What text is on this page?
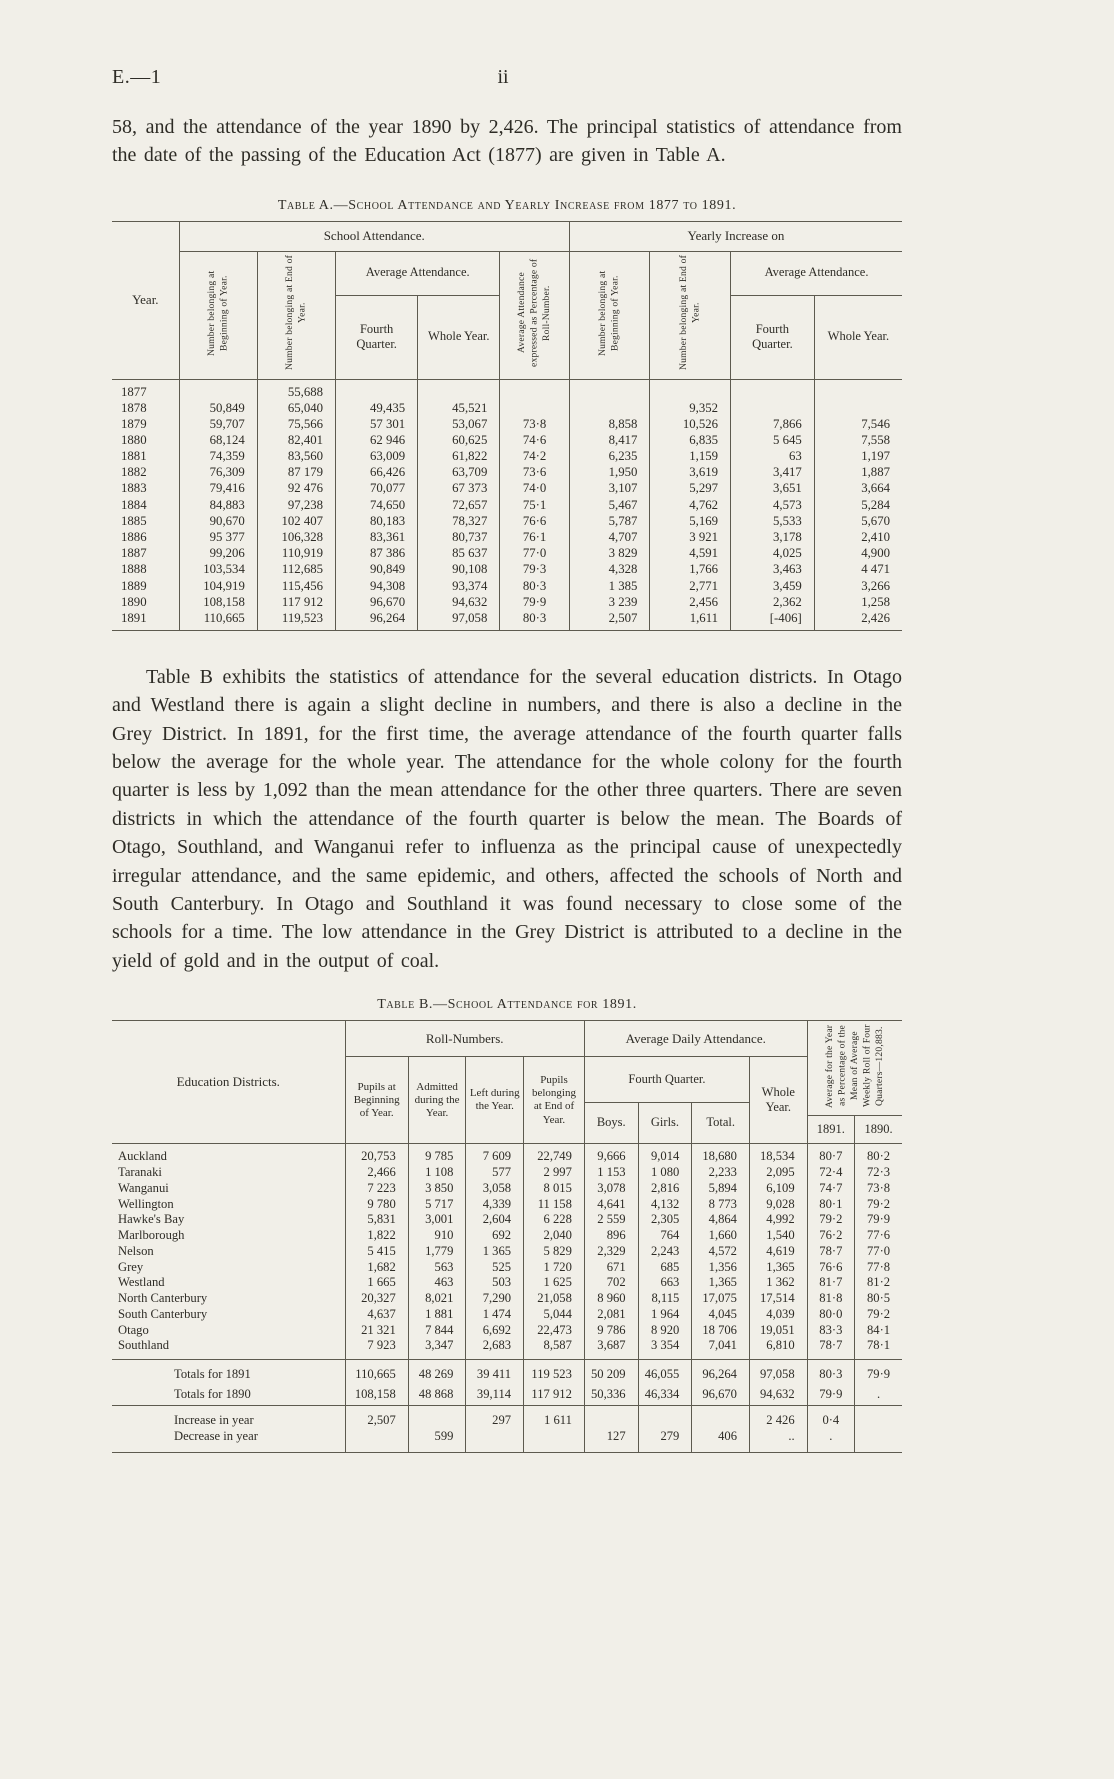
E.—1	ii

58, and the attendance of the year 1890 by 2,426. The principal statistics of attendance from the date of the passing of the Education Act (1877) are given in Table A.

Table A.—School Attendance and Yearly Increase from 1877 to 1891.
Year.	School Attendance.					Yearly Increase on			
	Number belonging at Beginning of Year.	Number belonging at End of Year.	Average Attendance.		Average Attendance expressed as Percentage of Roll-Number.	Number belonging at Beginning of Year.	Number belonging at End of Year.	Average Attendance.	
			Fourth Quarter.	Whole Year.				Fourth Quarter.	Whole Year.
1877		55,688							
1878	50,849	65,040	49,435	45,521			9,352		
1879	59,707	75,566	57 301	53,067	73·8	8,858	10,526	7,866	7,546
1880	68,124	82,401	62 946	60,625	74·6	8,417	6,835	5 645	7,558
1881	74,359	83,560	63,009	61,822	74·2	6,235	1,159	63	1,197
1882	76,309	87 179	66,426	63,709	73·6	1,950	3,619	3,417	1,887
1883	79,416	92 476	70,077	67 373	74·0	3,107	5,297	3,651	3,664
1884	84,883	97,238	74,650	72,657	75·1	5,467	4,762	4,573	5,284
1885	90,670	102 407	80,183	78,327	76·6	5,787	5,169	5,533	5,670
1886	95 377	106,328	83,361	80,737	76·1	4,707	3 921	3,178	2,410
1887	99,206	110,919	87 386	85 637	77·0	3 829	4,591	4,025	4,900
1888	103,534	112,685	90,849	90,108	79·3	4,328	1,766	3,463	4 471
1889	104,919	115,456	94,308	93,374	80·3	1 385	2,771	3,459	3,266
1890	108,158	117 912	96,670	94,632	79·9	3 239	2,456	2,362	1,258
1891	110,665	119,523	96,264	97,058	80·3	2,507	1,611	[-406]	2,426

Table B exhibits the statistics of attendance for the several education districts. In Otago and Westland there is again a slight decline in numbers, and there is also a decline in the Grey District. In 1891, for the first time, the average attendance of the fourth quarter falls below the average for the whole year. The attendance for the whole colony for the fourth quarter is less by 1,092 than the mean attendance for the other three quarters. There are seven districts in which the attendance of the fourth quarter is below the mean. The Boards of Otago, Southland, and Wanganui refer to influenza as the principal cause of unexpectedly irregular attendance, and the same epidemic, and others, affected the schools of North and South Canterbury. In Otago and Southland it was found necessary to close some of the schools for a time. The low attendance in the Grey District is attributed to a decline in the yield of gold and in the output of coal.

Table B.—School Attendance for 1891.
Education Districts.	Roll-Numbers.				Average Daily Attendance.				Average for the Year as Percentage of the Mean of Average Weekly Roll of Four Quarters—120,883.	
	Pupils at Beginning of Year.	Admitted during the Year.	Left during the Year.	Pupils belonging at End of Year.	Fourth Quarter.			Whole Year.		
					Boys.	Girls.	Total.			
									1891.	1890.
Auckland	20,753	9 785	7 609	22,749	9,666	9,014	18,680	18,534	80·7	80·2
Taranaki	2,466	1 108	577	2 997	1 153	1 080	2,233	2,095	72·4	72·3
Wanganui	7 223	3 850	3,058	8 015	3,078	2,816	5,894	6,109	74·7	73·8
Wellington	9 780	5 717	4,339	11 158	4,641	4,132	8 773	9,028	80·1	79·2
Hawke's Bay	5,831	3,001	2,604	6 228	2 559	2,305	4,864	4,992	79·2	79·9
Marlborough	1,822	910	692	2,040	896	764	1,660	1,540	76·2	77·6
Nelson	5 415	1,779	1 365	5 829	2,329	2,243	4,572	4,619	78·7	77·0
Grey	1,682	563	525	1 720	671	685	1,356	1,365	76·6	77·8
Westland	1 665	463	503	1 625	702	663	1,365	1 362	81·7	81·2
North Canterbury	20,327	8,021	7,290	21,058	8 960	8,115	17,075	17,514	81·8	80·5
South Canterbury	4,637	1 881	1 474	5,044	2,081	1 964	4,045	4,039	80·0	79·2
Otago	21 321	7 844	6,692	22,473	9 786	8 920	18 706	19,051	83·3	84·1
Southland	7 923	3,347	2,683	8,587	3,687	3 354	7,041	6,810	78·7	78·1
Totals for 1891	110,665	48 269	39 411	119 523	50 209	46,055	96,264	97,058	80·3	79·9
Totals for 1890	108,158	48 868	39,114	117 912	50,336	46,334	96,670	94,632	79·9	.
Increase in year	2,507		297	1 611				2 426	0·4	
Decrease in year		599			127	279	406	..	.	
